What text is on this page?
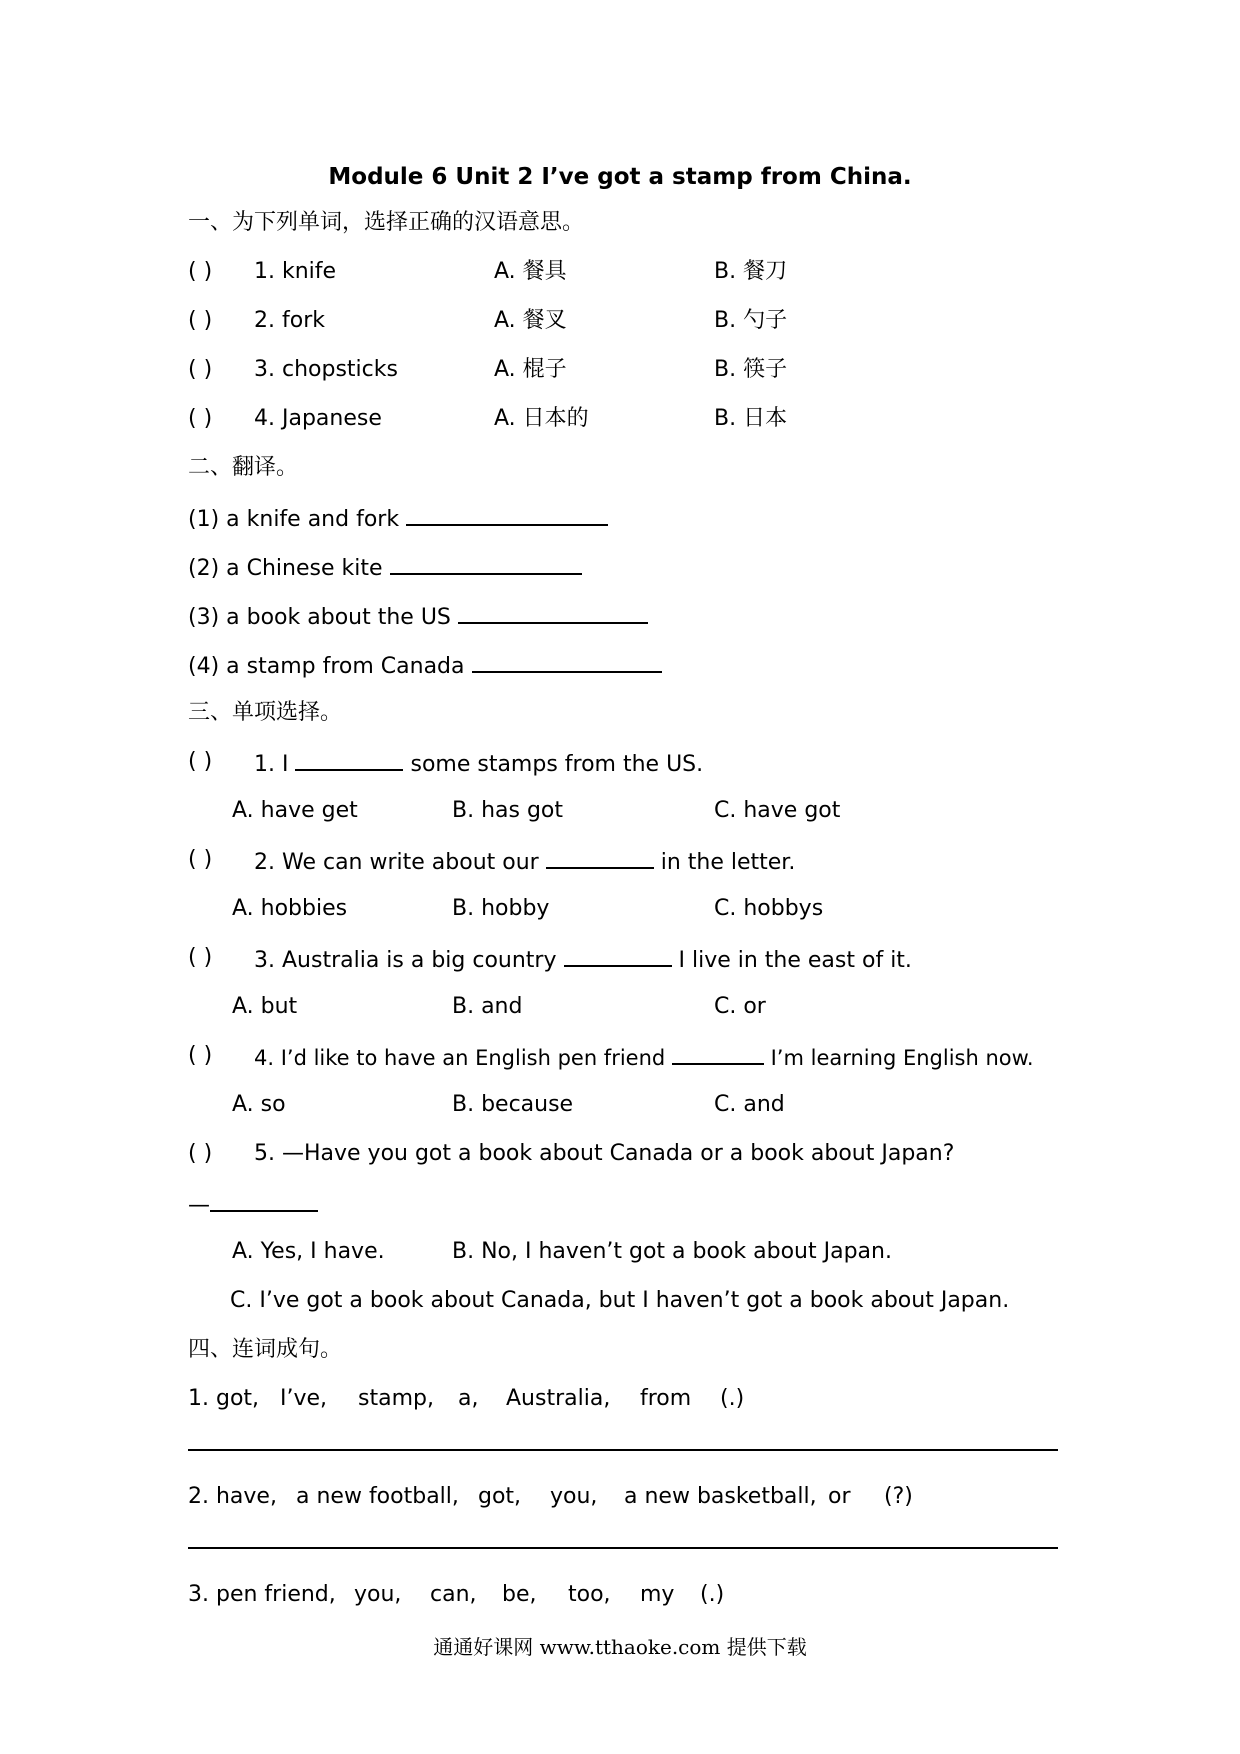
Module 6 Unit 2 I’ve got a stamp from China.
一、为下列单词，选择正确的汉语意思。
( ) 1. knife	A. 餐具	B. 餐刀
( ) 2. fork	A. 餐叉	B. 勺子
( ) 3. chopsticks	A. 棍子	B. 筷子
( ) 4. Japanese	A. 日本的	B. 日本
二、翻译。
(1) a knife and fork
(2) a Chinese kite
(3) a book about the US
(4) a stamp from Canada
三、单项选择。
( ) 1. I	some stamps from the US.
A. have get	B. has got	C. have got
( ) 2. We can write about our	in the letter.
A. hobbies	B. hobby	C. hobbys
( ) 3. Australia is a big country	I live in the east of it.
A. but	B. and	C. or
( ) 4. I’d like to have an English pen friend	I’m learning English now.
A. so	B. because	C. and
( ) 5. —Have you got a book about Canada or a book about Japan?
—
A. Yes, I have.	B. No, I haven’t got a book about Japan.
C. I’ve got a book about Canada, but I haven’t got a book about Japan.
四、连词成句。
1. got, I’ve, stamp, a, Australia, from (.)
2. have, a new football, got, you, a new basketball, or (?)
3. pen friend, you, can, be, too, my (.)
通通好课网 www.tthaoke.com 提供下载
